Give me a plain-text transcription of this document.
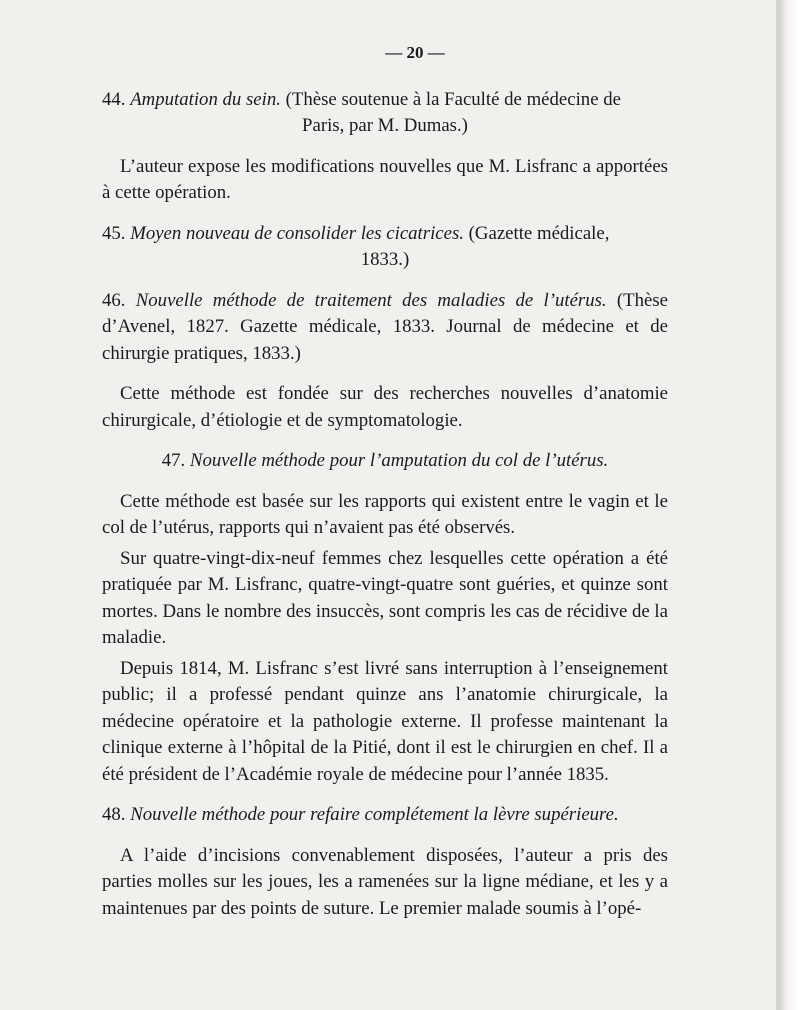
— 20 —
44. Amputation du sein. (Thèse soutenue à la Faculté de médecine de
Paris, par M. Dumas.)

L’auteur expose les modifications nouvelles que M. Lisfranc a apportées à cette opération.

45. Moyen nouveau de consolider les cicatrices. (Gazette médicale,
1833.)
46. Nouvelle méthode de traitement des maladies de l’utérus. (Thèse d’Avenel, 1827. Gazette médicale, 1833. Journal de médecine et de chirurgie pratiques, 1833.)

Cette méthode est fondée sur des recherches nouvelles d’anatomie chirurgicale, d’étiologie et de symptomatologie.

47. Nouvelle méthode pour l’amputation du col de l’utérus.

Cette méthode est basée sur les rapports qui existent entre le vagin et le col de l’utérus, rapports qui n’avaient pas été observés.

Sur quatre-vingt-dix-neuf femmes chez lesquelles cette opération a été pratiquée par M. Lisfranc, quatre-vingt-quatre sont guéries, et quinze sont mortes. Dans le nombre des insuccès, sont compris les cas de récidive de la maladie.

Depuis 1814, M. Lisfranc s’est livré sans interruption à l’enseignement public; il a professé pendant quinze ans l’anatomie chirurgicale, la médecine opératoire et la pathologie externe. Il professe maintenant la clinique externe à l’hôpital de la Pitié, dont il est le chirurgien en chef. Il a été président de l’Académie royale de médecine pour l’année 1835.

48. Nouvelle méthode pour refaire complétement la lèvre supérieure.

A l’aide d’incisions convenablement disposées, l’auteur a pris des parties molles sur les joues, les a ramenées sur la ligne médiane, et les y a maintenues par des points de suture. Le premier malade soumis à l’opé-
